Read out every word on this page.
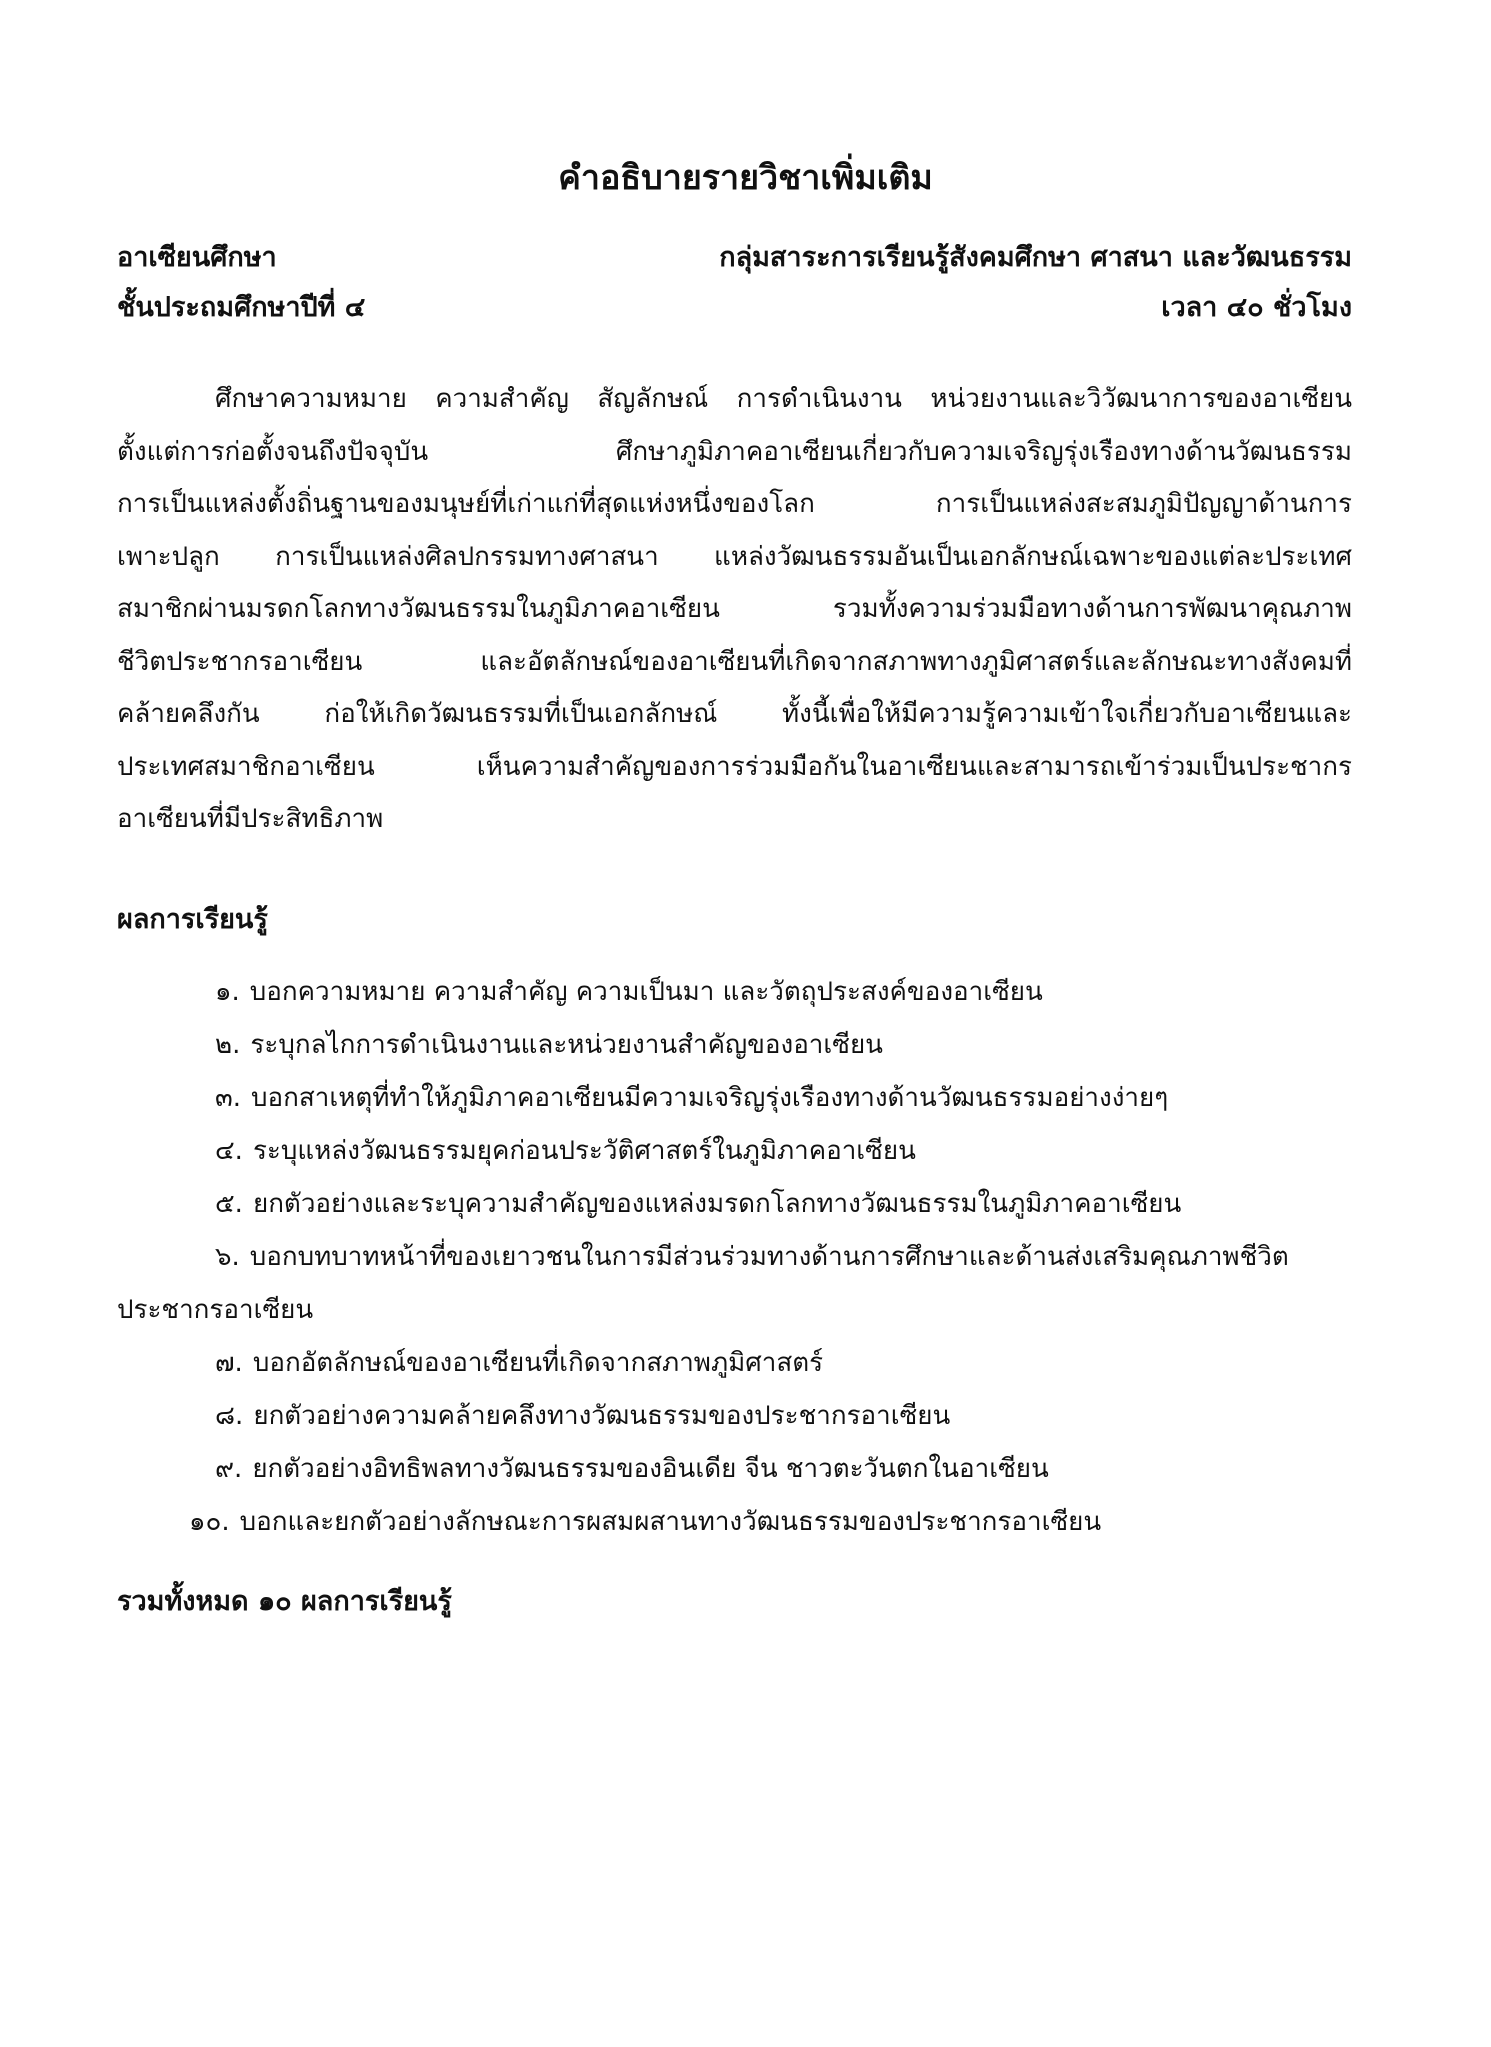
คำอธิบายรายวิชาเพิ่มเติม
อาเซียนศึกษา	กลุ่มสาระการเรียนรู้สังคมศึกษา ศาสนา และวัฒนธรรม
ชั้นประถมศึกษาปีที่ ๔	เวลา ๔๐ ชั่วโมง
ศึกษาความหมาย ความสำคัญ สัญลักษณ์ การดำเนินงาน หน่วยงานและวิวัฒนาการของอาเซียน
ตั้งแต่การก่อตั้งจนถึงปัจจุบัน ศึกษาภูมิภาคอาเซียนเกี่ยวกับความเจริญรุ่งเรืองทางด้านวัฒนธรรม
การเป็นแหล่งตั้งถิ่นฐานของมนุษย์ที่เก่าแก่ที่สุดแห่งหนึ่งของโลก การเป็นแหล่งสะสมภูมิปัญญาด้านการ
เพาะปลูก การเป็นแหล่งศิลปกรรมทางศาสนา แหล่งวัฒนธรรมอันเป็นเอกลักษณ์เฉพาะของแต่ละประเทศ
สมาชิกผ่านมรดกโลกทางวัฒนธรรมในภูมิภาคอาเซียน รวมทั้งความร่วมมือทางด้านการพัฒนาคุณภาพ
ชีวิตประชากรอาเซียน และอัตลักษณ์ของอาเซียนที่เกิดจากสภาพทางภูมิศาสตร์และลักษณะทางสังคมที่
คล้ายคลึงกัน ก่อให้เกิดวัฒนธรรมที่เป็นเอกลักษณ์ ทั้งนี้เพื่อให้มีความรู้ความเข้าใจเกี่ยวกับอาเซียนและ
ประเทศสมาชิกอาเซียน เห็นความสำคัญของการร่วมมือกันในอาเซียนและสามารถเข้าร่วมเป็นประชากร
อาเซียนที่มีประสิทธิภาพ
ผลการเรียนรู้
๑. บอกความหมาย ความสำคัญ ความเป็นมา และวัตถุประสงค์ของอาเซียน
๒. ระบุกลไกการดำเนินงานและหน่วยงานสำคัญของอาเซียน
๓. บอกสาเหตุที่ทำให้ภูมิภาคอาเซียนมีความเจริญรุ่งเรืองทางด้านวัฒนธรรมอย่างง่ายๆ
๔. ระบุแหล่งวัฒนธรรมยุคก่อนประวัติศาสตร์ในภูมิภาคอาเซียน
๕. ยกตัวอย่างและระบุความสำคัญของแหล่งมรดกโลกทางวัฒนธรรมในภูมิภาคอาเซียน
๖. บอกบทบาทหน้าที่ของเยาวชนในการมีส่วนร่วมทางด้านการศึกษาและด้านส่งเสริมคุณภาพชีวิตประชากรอาเซียน
๗. บอกอัตลักษณ์ของอาเซียนที่เกิดจากสภาพภูมิศาสตร์
๘. ยกตัวอย่างความคล้ายคลึงทางวัฒนธรรมของประชากรอาเซียน
๙. ยกตัวอย่างอิทธิพลทางวัฒนธรรมของอินเดีย จีน ชาวตะวันตกในอาเซียน
๑๐. บอกและยกตัวอย่างลักษณะการผสมผสานทางวัฒนธรรมของประชากรอาเซียน

รวมทั้งหมด ๑๐ ผลการเรียนรู้
